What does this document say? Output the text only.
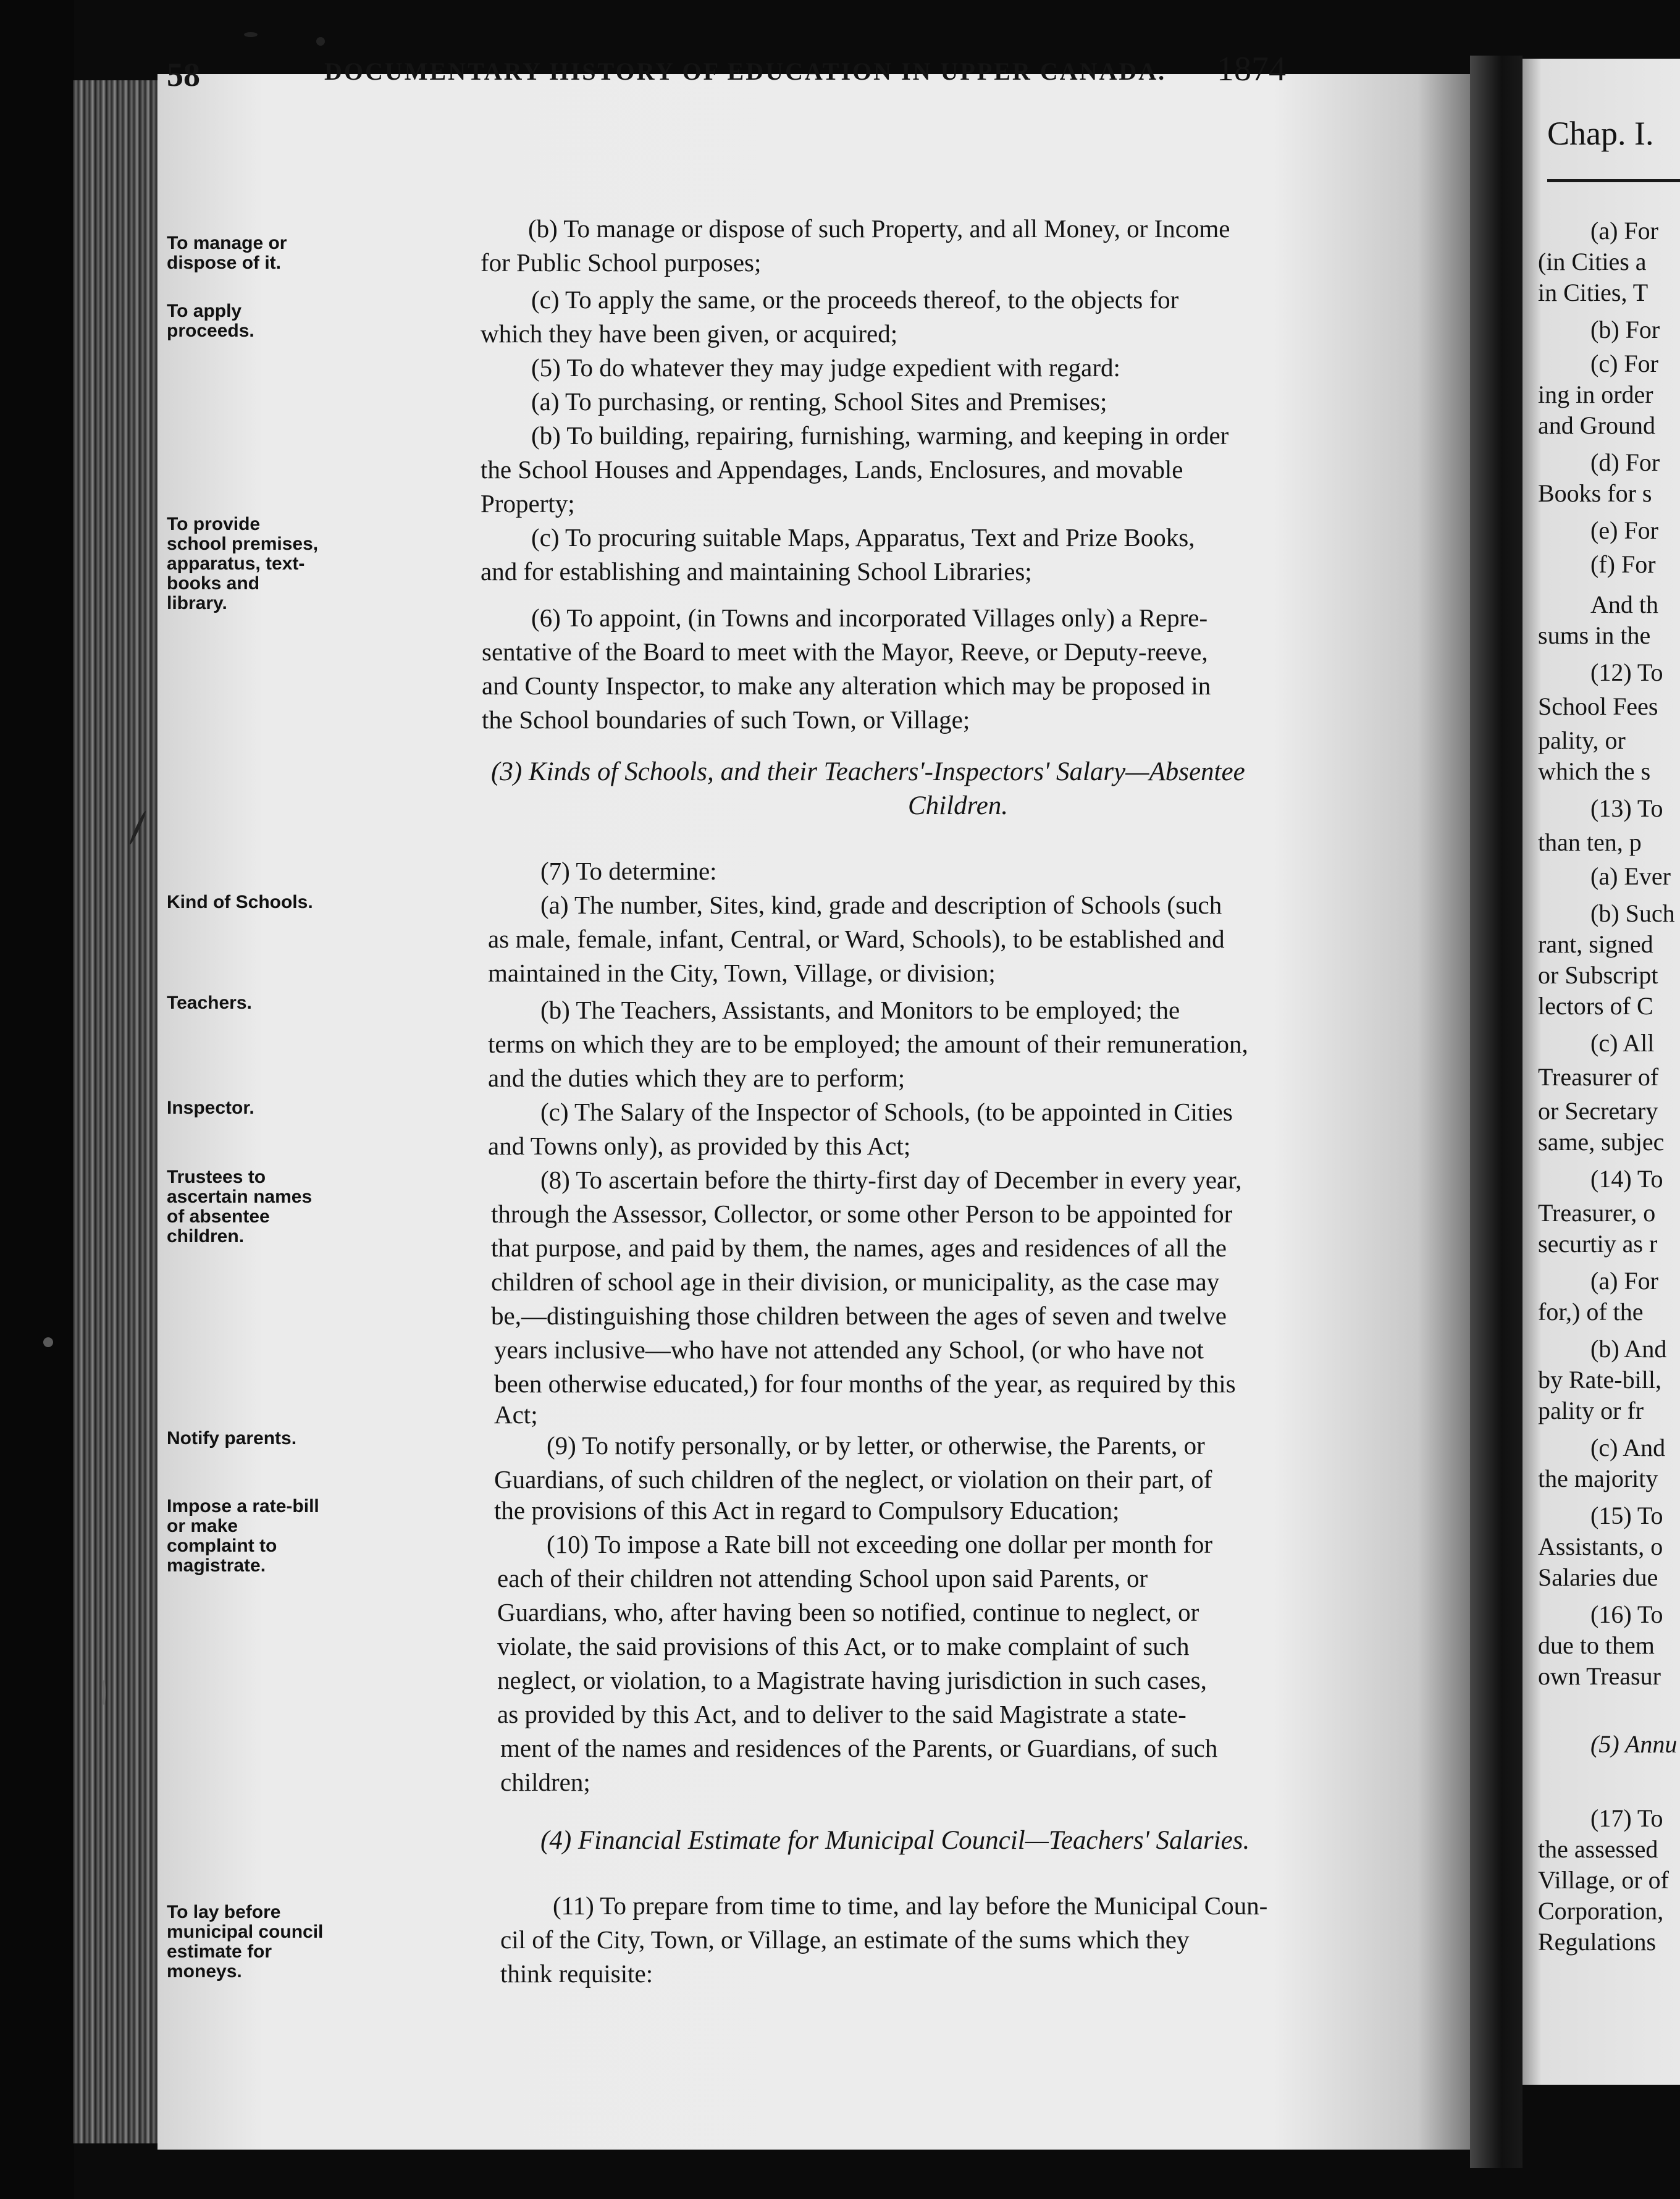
58	DOCUMENTARY HISTORY OF EDUCATION IN UPPER CANADA. 1874
To manage or dispose of it.
To apply proceeds.
To provide school premises, apparatus, text-books and library.
Kind of Schools.
Teachers.
Inspector.
Trustees to ascertain names of absentee children.
Notify parents.
Impose a rate-bill or make complaint to magistrate.
To lay before municipal council estimate for moneys.
(b) To manage or dispose of such Property, and all Money, or Income
for Public School purposes;
(c) To apply the same, or the proceeds thereof, to the objects for
which they have been given, or acquired;
(5) To do whatever they may judge expedient with regard:
(a) To purchasing, or renting, School Sites and Premises;
(b) To building, repairing, furnishing, warming, and keeping in order
the School Houses and Appendages, Lands, Enclosures, and movable
Property;
(c) To procuring suitable Maps, Apparatus, Text and Prize Books,
and for establishing and maintaining School Libraries;
(6) To appoint, (in Towns and incorporated Villages only) a Repre-
sentative of the Board to meet with the Mayor, Reeve, or Deputy-reeve,
and County Inspector, to make any alteration which may be proposed in
the School boundaries of such Town, or Village;
(3) Kinds of Schools, and their Teachers'-Inspectors' Salary—Absentee
Children.
(7) To determine:
(a) The number, Sites, kind, grade and description of Schools (such
as male, female, infant, Central, or Ward, Schools), to be established and
maintained in the City, Town, Village, or division;
(b) The Teachers, Assistants, and Monitors to be employed; the
terms on which they are to be employed; the amount of their remuneration,
and the duties which they are to perform;
(c) The Salary of the Inspector of Schools, (to be appointed in Cities
and Towns only), as provided by this Act;
(8) To ascertain before the thirty-first day of December in every year,
through the Assessor, Collector, or some other Person to be appointed for
that purpose, and paid by them, the names, ages and residences of all the
children of school age in their division, or municipality, as the case may
be,—distinguishing those children between the ages of seven and twelve
years inclusive—who have not attended any School, (or who have not
been otherwise educated,) for four months of the year, as required by this
Act;
(9) To notify personally, or by letter, or otherwise, the Parents, or
Guardians, of such children of the neglect, or violation on their part, of
the provisions of this Act in regard to Compulsory Education;
(10) To impose a Rate bill not exceeding one dollar per month for
each of their children not attending School upon said Parents, or
Guardians, who, after having been so notified, continue to neglect, or
violate, the said provisions of this Act, or to make complaint of such
neglect, or violation, to a Magistrate having jurisdiction in such cases,
as provided by this Act, and to deliver to the said Magistrate a state-
ment of the names and residences of the Parents, or Guardians, of such
children;
(4) Financial Estimate for Municipal Council—Teachers' Salaries.
(11) To prepare from time to time, and lay before the Municipal Coun-
cil of the City, Town, or Village, an estimate of the sums which they
think requisite:
Chap. I.
(a) For
(in Cities a
in Cities, T
(b) For
(c) For
ing in order
and Ground
(d) For
Books for s
(e) For
(f) For
And th
sums in the
(12) To
School Fees
pality, or
which the s
(13) To
than ten, p
(a) Ever
(b) Such
rant, signed
or Subscript
lectors of C
(c) All
Treasurer of
or Secretary
same, subjec
(14) To
Treasurer, o
securtiy as r
(a) For
for,) of the
(b) And
by Rate-bill,
pality or fr
(c) And
the majority
(15) To
Assistants, o
Salaries due
(16) To
due to them
own Treasur
(5) Annu
(17) To
the assessed
Village, or of
Corporation,
Regulations
